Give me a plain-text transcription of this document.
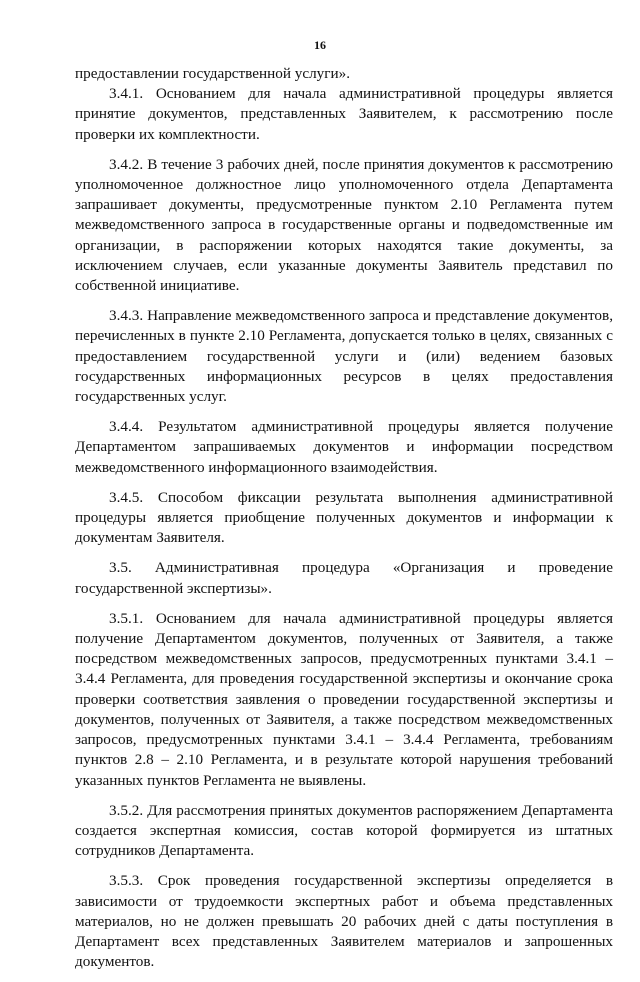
16

предоставлении государственной услуги».

3.4.1. Основанием для начала административной процедуры является принятие документов, представленных Заявителем, к рассмотрению после проверки их комплектности.

3.4.2. В течение 3 рабочих дней, после принятия документов к рассмотрению уполномоченное должностное лицо уполномоченного отдела Департамента запрашивает документы, предусмотренные пунктом 2.10 Регламента путем межведомственного запроса в государственные органы и подведомственные им организации, в распоряжении которых находятся такие документы, за исключением случаев, если указанные документы Заявитель представил по собственной инициативе.

3.4.3. Направление межведомственного запроса и представление документов, перечисленных в пункте 2.10 Регламента, допускается только в целях, связанных с предоставлением государственной услуги и (или) ведением базовых государственных информационных ресурсов в целях предоставления государственных услуг.

3.4.4. Результатом административной процедуры является получение Департаментом запрашиваемых документов и информации посредством межведомственного информационного взаимодействия.

3.4.5. Способом фиксации результата выполнения административной процедуры является приобщение полученных документов и информации к документам Заявителя.

3.5. Административная процедура «Организация и проведение государственной экспертизы».

3.5.1. Основанием для начала административной процедуры является получение Департаментом документов, полученных от Заявителя, а также посредством межведомственных запросов, предусмотренных пунктами 3.4.1 – 3.4.4 Регламента, для проведения государственной экспертизы и окончание срока проверки соответствия заявления о проведении государственной экспертизы и документов, полученных от Заявителя, а также посредством межведомственных запросов, предусмотренных пунктами 3.4.1 – 3.4.4 Регламента, требованиям пунктов 2.8 – 2.10 Регламента, и в результате которой нарушения требований указанных пунктов Регламента не выявлены.

3.5.2. Для рассмотрения принятых документов распоряжением Департамента создается экспертная комиссия, состав которой формируется из штатных сотрудников Департамента.

3.5.3. Срок проведения государственной экспертизы определяется в зависимости от трудоемкости экспертных работ и объема представленных материалов, но не должен превышать 20 рабочих дней с даты поступления в Департамент всех представленных Заявителем материалов и запрошенных документов.
